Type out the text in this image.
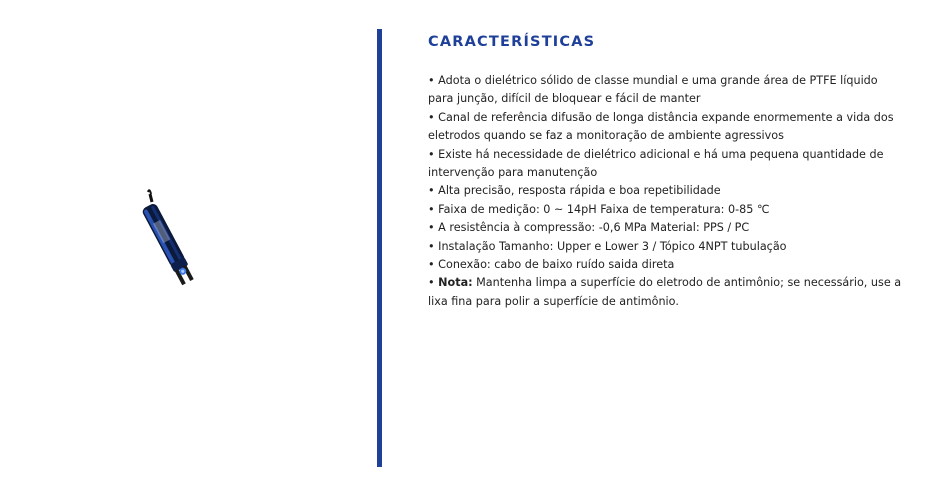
CARACTERÍSTICAS
• Adota o dielétrico sólido de classe mundial e uma grande área de PTFE líquido para junção, difícil de bloquear e fácil de manter
• Canal de referência difusão de longa distância expande enormemente a vida dos eletrodos quando se faz a monitoração de ambiente agressivos
• Existe há necessidade de dielétrico adicional e há uma pequena quantidade de intervenção para manutenção
• Alta precisão, resposta rápida e boa repetibilidade
• Faixa de medição: 0 ~ 14pH Faixa de temperatura: 0-85 ℃
• A resistência à compressão: -0,6 MPa Material: PPS / PC
• Instalação Tamanho: Upper e Lower 3 / Tópico 4NPT tubulação
• Conexão: cabo de baixo ruído saida direta
• Nota: Mantenha limpa a superfície do eletrodo de antimônio; se necessário, use a lixa fina para polir a superfície de antimônio.
